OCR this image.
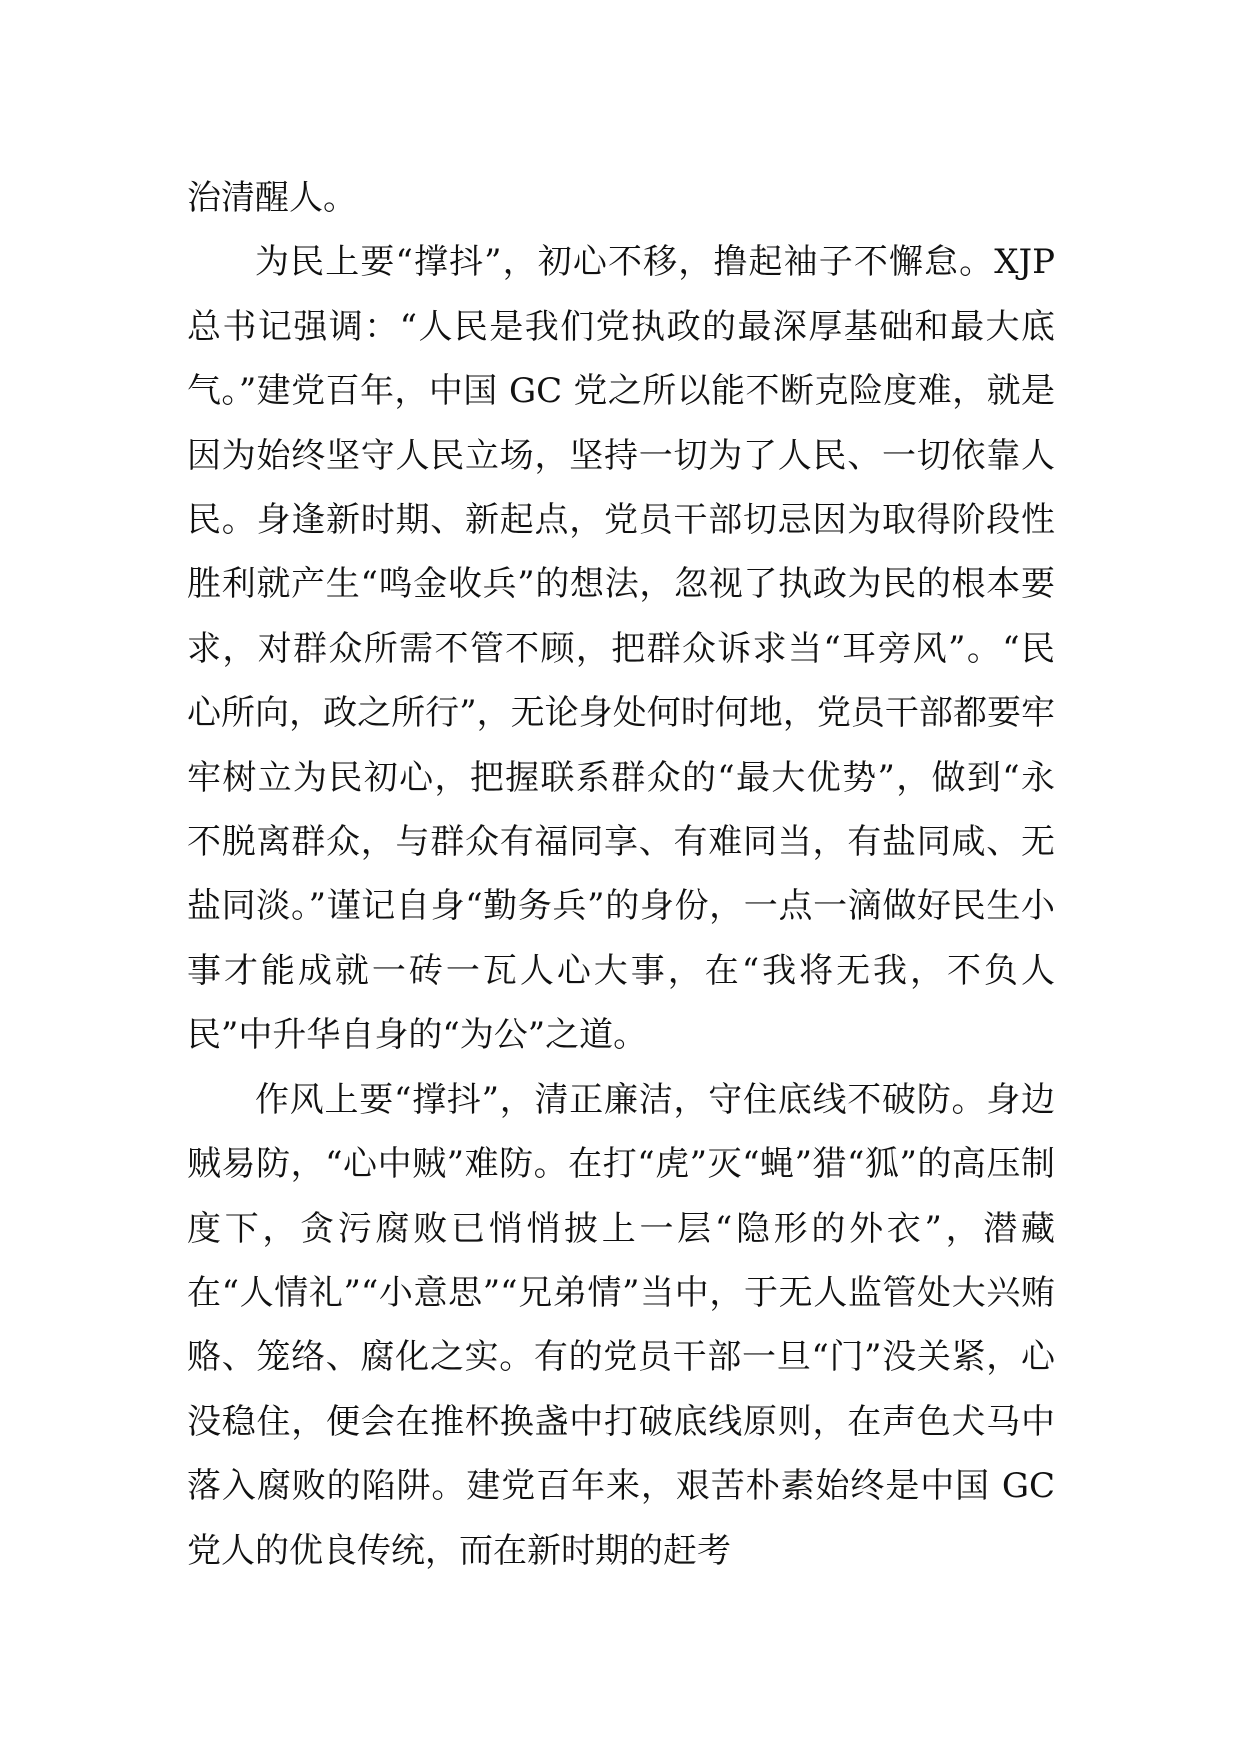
治清醒人。

为民上要“撑抖”，初心不移，撸起袖子不懈怠。XJP总书记强调：“人民是我们党执政的最深厚基础和最大底气。”建党百年，中国 GC 党之所以能不断克险度难，就是因为始终坚守人民立场，坚持一切为了人民、一切依靠人民。身逢新时期、新起点，党员干部切忌因为取得阶段性胜利就产生“鸣金收兵”的想法，忽视了执政为民的根本要求，对群众所需不管不顾，把群众诉求当“耳旁风”。“民心所向，政之所行”，无论身处何时何地，党员干部都要牢牢树立为民初心，把握联系群众的“最大优势”，做到“永不脱离群众，与群众有福同享、有难同当，有盐同咸、无盐同淡。”谨记自身“勤务兵”的身份，一点一滴做好民生小事才能成就一砖一瓦人心大事，在“我将无我，不负人民”中升华自身的“为公”之道。

作风上要“撑抖”，清正廉洁，守住底线不破防。身边贼易防，“心中贼”难防。在打“虎”灭“蝇”猎“狐”的高压制度下，贪污腐败已悄悄披上一层“隐形的外衣”，潜藏在“人情礼”“小意思”“兄弟情”当中，于无人监管处大兴贿赂、笼络、腐化之实。有的党员干部一旦“门”没关紧，心没稳住，便会在推杯换盏中打破底线原则，在声色犬马中落入腐败的陷阱。建党百年来，艰苦朴素始终是中国 GC 党人的优良传统，而在新时期的赶考
